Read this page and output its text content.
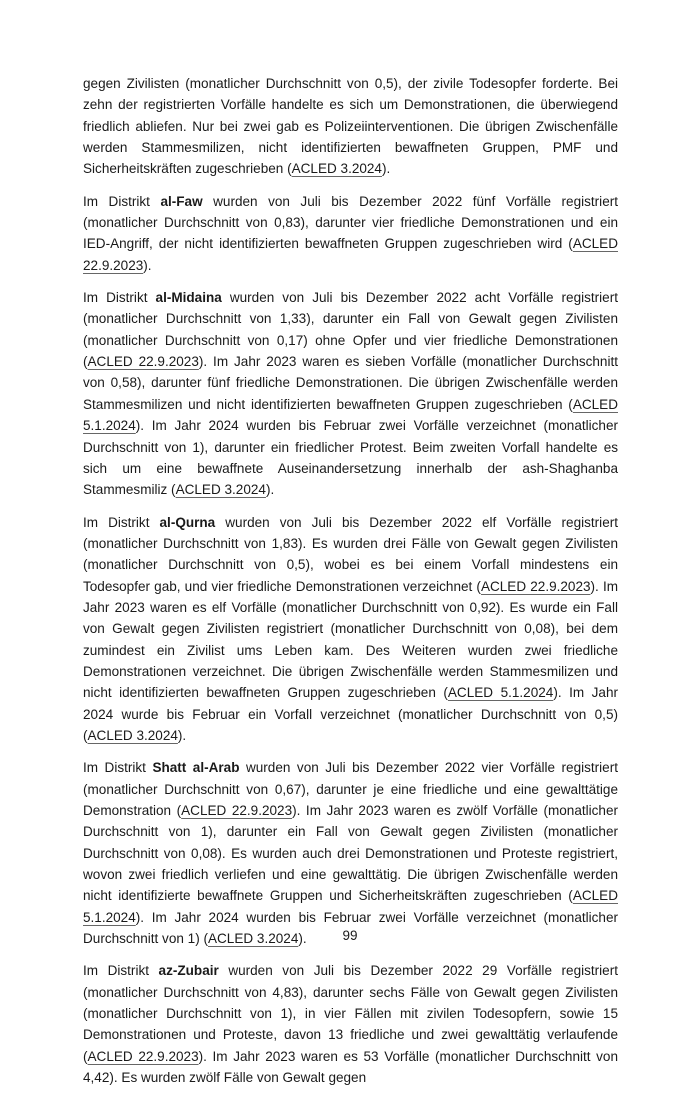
gegen Zivilisten (monatlicher Durchschnitt von 0,5), der zivile Todesopfer forderte. Bei zehn der registrierten Vorfälle handelte es sich um Demonstrationen, die überwiegend friedlich abliefen. Nur bei zwei gab es Polizeiinterventionen. Die übrigen Zwischenfälle werden Stammesmilizen, nicht identifizierten bewaffneten Gruppen, PMF und Sicherheitskräften zugeschrieben (ACLED 3.2024).

Im Distrikt al-Faw wurden von Juli bis Dezember 2022 fünf Vorfälle registriert (monatlicher Durchschnitt von 0,83), darunter vier friedliche Demonstrationen und ein IED-Angriff, der nicht identifizierten bewaffneten Gruppen zugeschrieben wird (ACLED 22.9.2023).

Im Distrikt al-Midaina wurden von Juli bis Dezember 2022 acht Vorfälle registriert (monatlicher Durchschnitt von 1,33), darunter ein Fall von Gewalt gegen Zivilisten (monatlicher Durchschnitt von 0,17) ohne Opfer und vier friedliche Demonstrationen (ACLED 22.9.2023). Im Jahr 2023 waren es sieben Vorfälle (monatlicher Durchschnitt von 0,58), darunter fünf friedliche Demonstrationen. Die übrigen Zwischenfälle werden Stammesmilizen und nicht identifizierten bewaffneten Gruppen zugeschrieben (ACLED 5.1.2024). Im Jahr 2024 wurden bis Februar zwei Vorfälle verzeichnet (monatlicher Durchschnitt von 1), darunter ein friedlicher Protest. Beim zweiten Vorfall handelte es sich um eine bewaffnete Auseinandersetzung innerhalb der ash-Shaghanba Stammesmiliz (ACLED 3.2024).

Im Distrikt al-Qurna wurden von Juli bis Dezember 2022 elf Vorfälle registriert (monatlicher Durchschnitt von 1,83). Es wurden drei Fälle von Gewalt gegen Zivilisten (monatlicher Durchschnitt von 0,5), wobei es bei einem Vorfall mindestens ein Todesopfer gab, und vier friedliche Demonstrationen verzeichnet (ACLED 22.9.2023). Im Jahr 2023 waren es elf Vorfälle (monatlicher Durchschnitt von 0,92). Es wurde ein Fall von Gewalt gegen Zivilisten registriert (monatlicher Durchschnitt von 0,08), bei dem zumindest ein Zivilist ums Leben kam. Des Weiteren wurden zwei friedliche Demonstrationen verzeichnet. Die übrigen Zwischenfälle werden Stammesmilizen und nicht identifizierten bewaffneten Gruppen zugeschrieben (ACLED 5.1.2024). Im Jahr 2024 wurde bis Februar ein Vorfall verzeichnet (monatlicher Durchschnitt von 0,5) (ACLED 3.2024).

Im Distrikt Shatt al-Arab wurden von Juli bis Dezember 2022 vier Vorfälle registriert (monatlicher Durchschnitt von 0,67), darunter je eine friedliche und eine gewalttätige Demonstration (ACLED 22.9.2023). Im Jahr 2023 waren es zwölf Vorfälle (monatlicher Durchschnitt von 1), darunter ein Fall von Gewalt gegen Zivilisten (monatlicher Durchschnitt von 0,08). Es wurden auch drei Demonstrationen und Proteste registriert, wovon zwei friedlich verliefen und eine gewalttätig. Die übrigen Zwischenfälle werden nicht identifizierte bewaffnete Gruppen und Sicherheitskräften zugeschrieben (ACLED 5.1.2024). Im Jahr 2024 wurden bis Februar zwei Vorfälle verzeichnet (monatlicher Durchschnitt von 1) (ACLED 3.2024).

Im Distrikt az-Zubair wurden von Juli bis Dezember 2022 29 Vorfälle registriert (monatlicher Durchschnitt von 4,83), darunter sechs Fälle von Gewalt gegen Zivilisten (monatlicher Durchschnitt von 1), in vier Fällen mit zivilen Todesopfern, sowie 15 Demonstrationen und Proteste, davon 13 friedliche und zwei gewalttätig verlaufende (ACLED 22.9.2023). Im Jahr 2023 waren es 53 Vorfälle (monatlicher Durchschnitt von 4,42). Es wurden zwölf Fälle von Gewalt gegen

99
